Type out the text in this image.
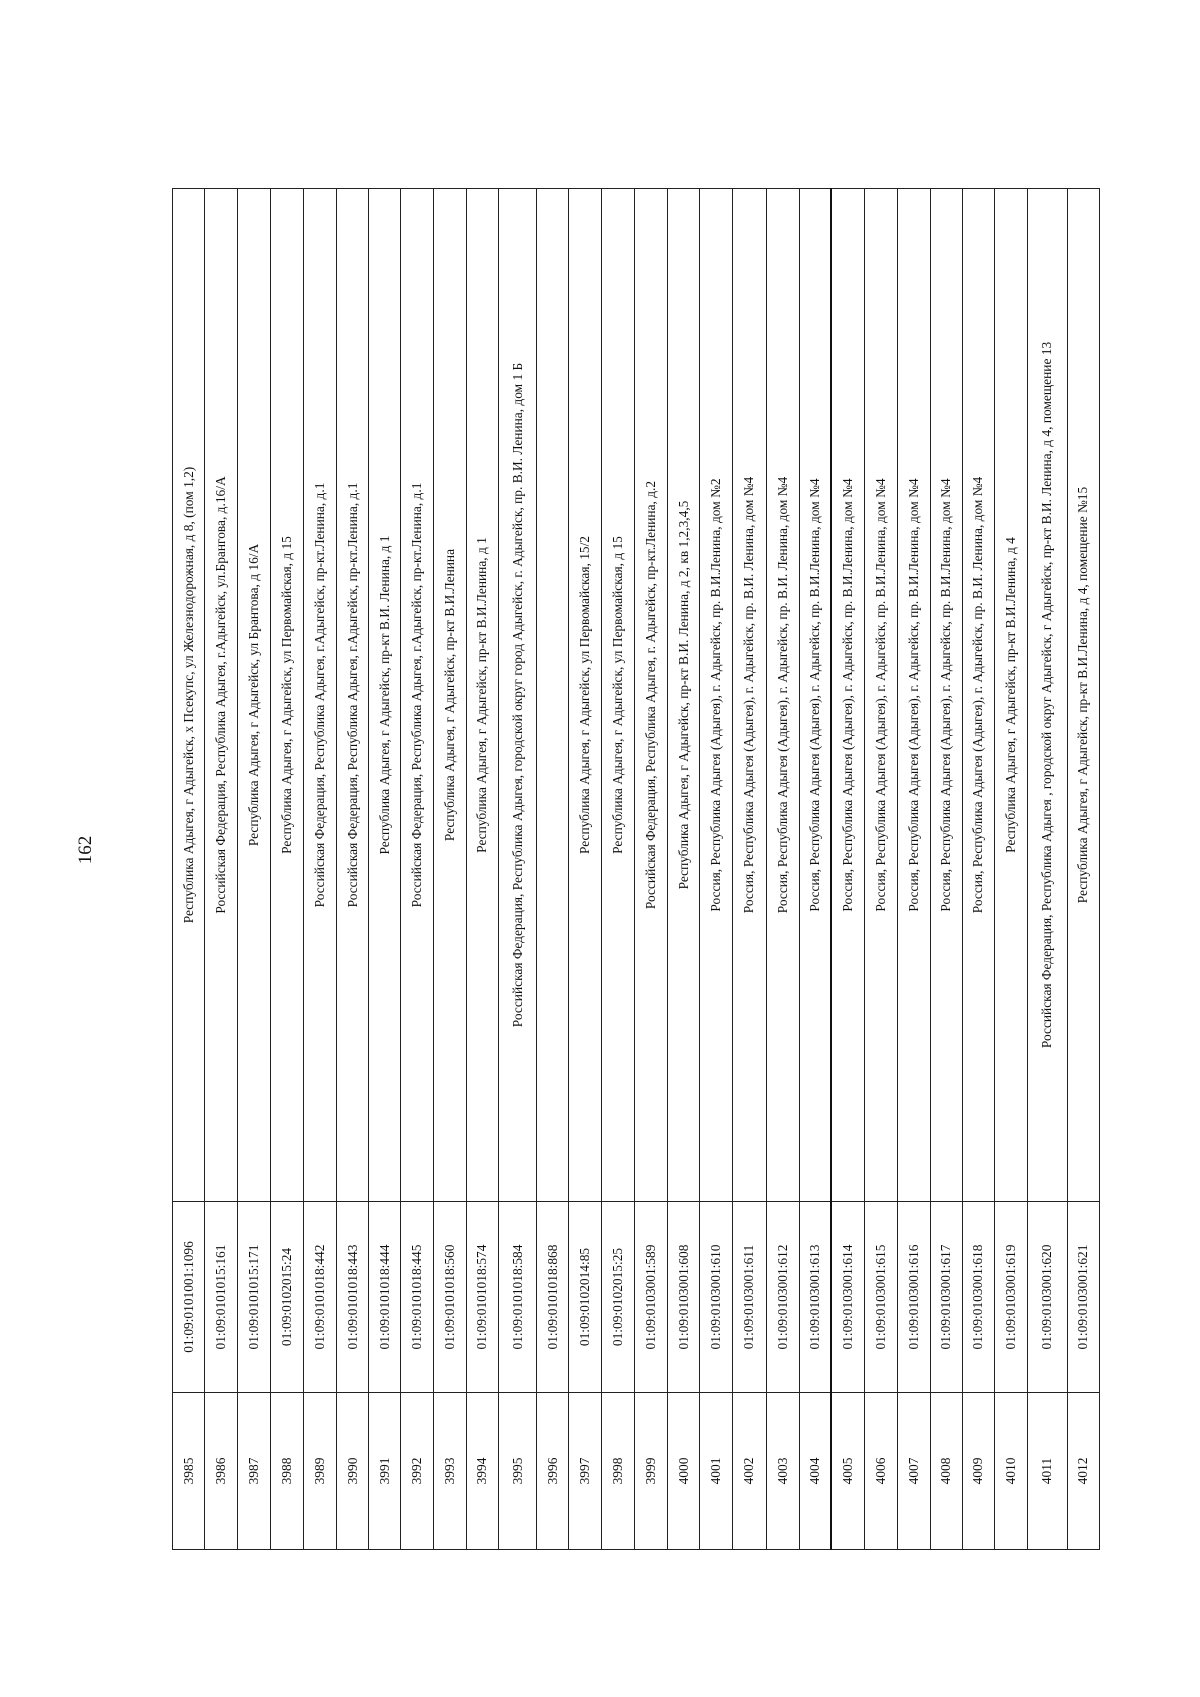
162
3985	01:09:0101001:1096	Республика Адыгея, г Адыгейск, х Псекупс, ул Железнодорожная, д 8, (пом 1,2)
3986	01:09:0101015:161	Российская Федерация, Республика Адыгея, г.Адыгейск, ул.Брангова, д.16/А
3987	01:09:0101015:171	Республика Адыгея, г Адыгейск, ул Брантова, д 16/А
3988	01:09:0102015:24	Республика Адыгея, г Адыгейск, ул Первомайская, д 15
3989	01:09:0101018:442	Российская Федерация, Республика Адыгея, г.Адыгейск, пр-кт.Ленина, д.1
3990	01:09:0101018:443	Российская Федерация, Республика Адыгея, г.Адыгейск, пр-кт.Ленина, д.1
3991	01:09:0101018:444	Республика Адыгея, г Адыгейск, пр-кт В.И. Ленина, д 1
3992	01:09:0101018:445	Российская Федерация, Республика Адыгея, г.Адыгейск, пр-кт.Ленина, д.1
3993	01:09:0101018:560	Республика Адыгея, г Адыгейск, пр-кт В.И.Ленина
3994	01:09:0101018:574	Республика Адыгея, г Адыгейск, пр-кт В.И.Ленина, д 1
3995	01:09:0101018:584	Российская Федерация, Республика Адыгея, городской округ город Адыгейск, г. Адыгейск, пр. В.И. Ленина, дом 1 Б
3996	01:09:0101018:868	
3997	01:09:0102014:85	Республика Адыгея, г Адыгейск, ул Первомайская, 15/2
3998	01:09:0102015:25	Республика Адыгея, г Адыгейск, ул Первомайская, д 15
3999	01:09:0103001:589	Российская Федерация, Республика Адыгея, г. Адыгейск, пр-кт.Ленина, д.2
4000	01:09:0103001:608	Республика Адыгея, г Адыгейск, пр-кт В.И. Ленина, д 2, кв 1,2,3,4,5
4001	01:09:0103001:610	Россия, Республика Адыгея (Адыгея), г. Адыгейск, пр. В.И.Ленина, дом №2
4002	01:09:0103001:611	Россия, Республика Адыгея (Адыгея), г. Адыгейск, пр. В.И. Ленина, дом №4
4003	01:09:0103001:612	Россия, Республика Адыгея (Адыгея), г. Адыгейск, пр. В.И. Ленина, дом №4
4004	01:09:0103001:613	Россия, Республика Адыгея (Адыгея), г. Адыгейск, пр. В.И.Ленина, дом №4
4005	01:09:0103001:614	Россия, Республика Адыгея (Адыгея), г. Адыгейск, пр. В.И.Ленина, дом №4
4006	01:09:0103001:615	Россия, Республика Адыгея (Адыгея), г. Адыгейск, пр. В.И.Ленина, дом №4
4007	01:09:0103001:616	Россия, Республика Адыгея (Адыгея), г. Адыгейск, пр. В.И.Ленина, дом №4
4008	01:09:0103001:617	Россия, Республика Адыгея (Адыгея), г. Адыгейск, пр. В.И.Ленина, дом №4
4009	01:09:0103001:618	Россия, Республика Адыгея (Адыгея), г. Адыгейск, пр. В.И. Ленина, дом №4
4010	01:09:0103001:619	Республика Адыгея, г Адыгейск, пр-кт В.И.Ленина, д 4
4011	01:09:0103001:620	Российская Федерация, Республика Адыгея , городской округ Адыгейск, г Адыгейск, пр-кт В.И. Ленина, д 4, помещение 13
4012	01:09:0103001:621	Республика Адыгея, г Адыгейск, пр-кт В.И.Ленина, д 4, помещение №15
